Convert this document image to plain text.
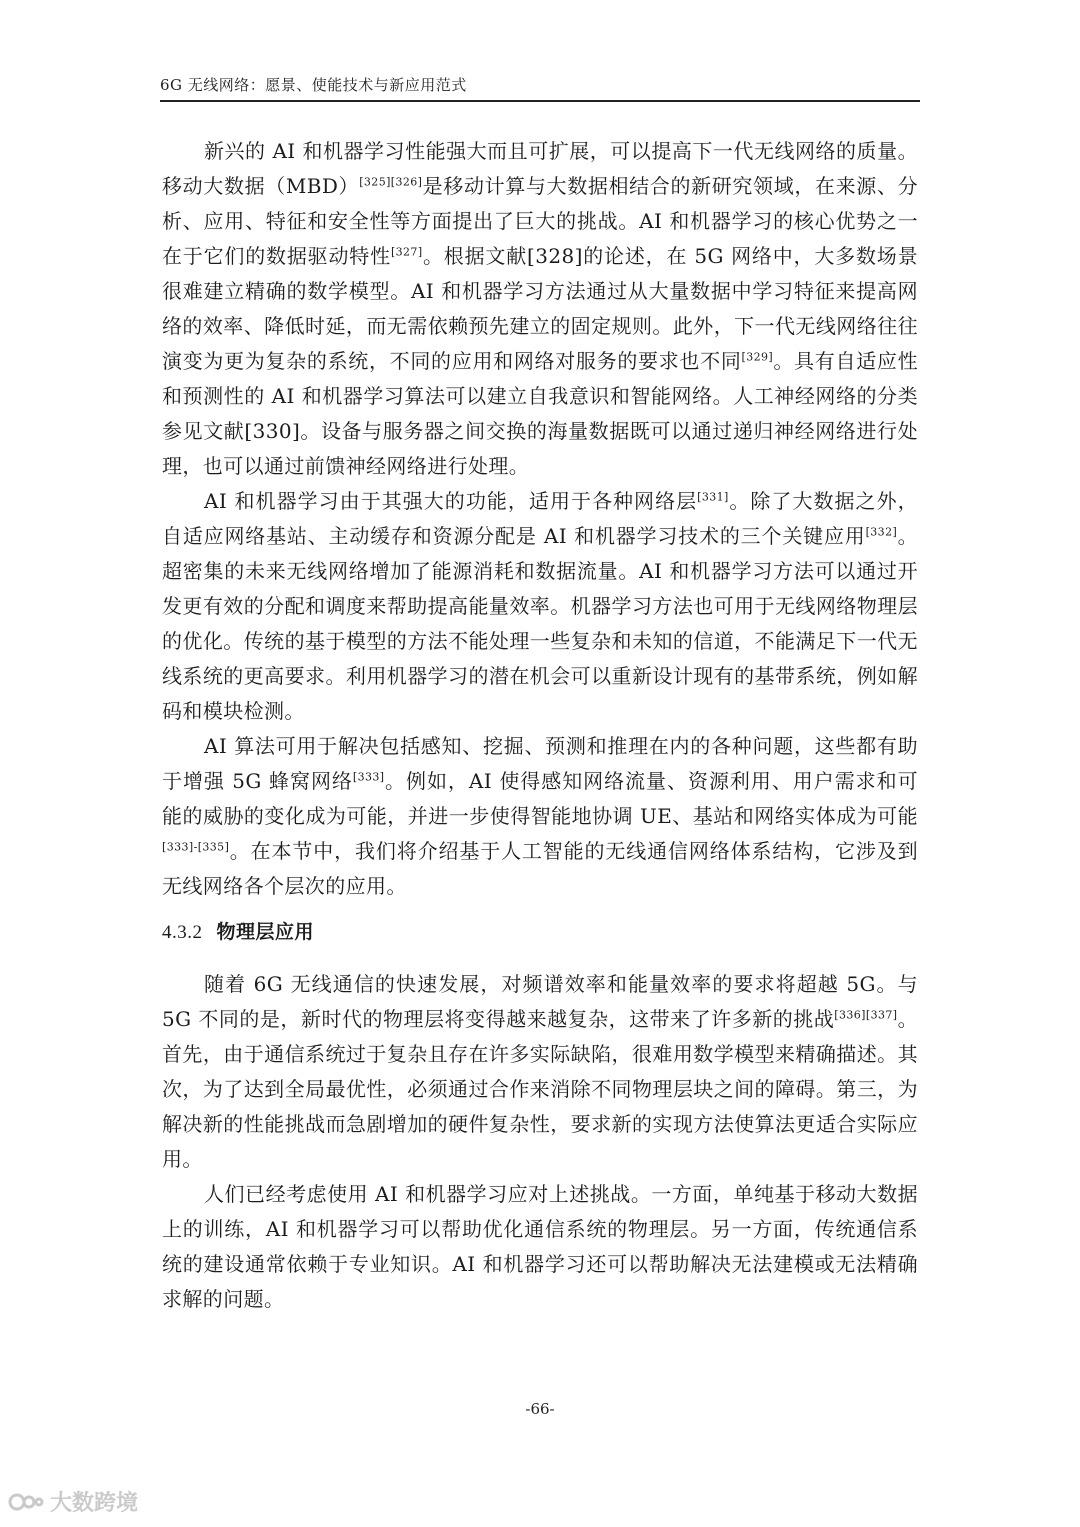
6G 无线网络：愿景、使能技术与新应用范式

新兴的 AI 和机器学习性能强大而且可扩展，可以提高下一代无线网络的质量。移动大数据（MBD）[325][326]是移动计算与大数据相结合的新研究领域，在来源、分析、应用、特征和安全性等方面提出了巨大的挑战。AI 和机器学习的核心优势之一在于它们的数据驱动特性[327]。根据文献[328]的论述，在 5G 网络中，大多数场景很难建立精确的数学模型。AI 和机器学习方法通过从大量数据中学习特征来提高网络的效率、降低时延，而无需依赖预先建立的固定规则。此外，下一代无线网络往往演变为更为复杂的系统，不同的应用和网络对服务的要求也不同[329]。具有自适应性和预测性的 AI 和机器学习算法可以建立自我意识和智能网络。人工神经网络的分类参见文献[330]。设备与服务器之间交换的海量数据既可以通过递归神经网络进行处理，也可以通过前馈神经网络进行处理。

AI 和机器学习由于其强大的功能，适用于各种网络层[331]。除了大数据之外，自适应网络基站、主动缓存和资源分配是 AI 和机器学习技术的三个关键应用[332]。超密集的未来无线网络增加了能源消耗和数据流量。AI 和机器学习方法可以通过开发更有效的分配和调度来帮助提高能量效率。机器学习方法也可用于无线网络物理层的优化。传统的基于模型的方法不能处理一些复杂和未知的信道，不能满足下一代无线系统的更高要求。利用机器学习的潜在机会可以重新设计现有的基带系统，例如解码和模块检测。

AI 算法可用于解决包括感知、挖掘、预测和推理在内的各种问题，这些都有助于增强 5G 蜂窝网络[333]。例如，AI 使得感知网络流量、资源利用、用户需求和可能的威胁的变化成为可能，并进一步使得智能地协调 UE、基站和网络实体成为可能[333]-[335]。在本节中，我们将介绍基于人工智能的无线通信网络体系结构，它涉及到无线网络各个层次的应用。

4.3.2 物理层应用

随着 6G 无线通信的快速发展，对频谱效率和能量效率的要求将超越 5G。与 5G 不同的是，新时代的物理层将变得越来越复杂，这带来了许多新的挑战[336][337]。首先，由于通信系统过于复杂且存在许多实际缺陷，很难用数学模型来精确描述。其次，为了达到全局最优性，必须通过合作来消除不同物理层块之间的障碍。第三，为解决新的性能挑战而急剧增加的硬件复杂性，要求新的实现方法使算法更适合实际应用。

人们已经考虑使用 AI 和机器学习应对上述挑战。一方面，单纯基于移动大数据上的训练，AI 和机器学习可以帮助优化通信系统的物理层。另一方面，传统通信系统的建设通常依赖于专业知识。AI 和机器学习还可以帮助解决无法建模或无法精确求解的问题。

-66-
大数跨境
